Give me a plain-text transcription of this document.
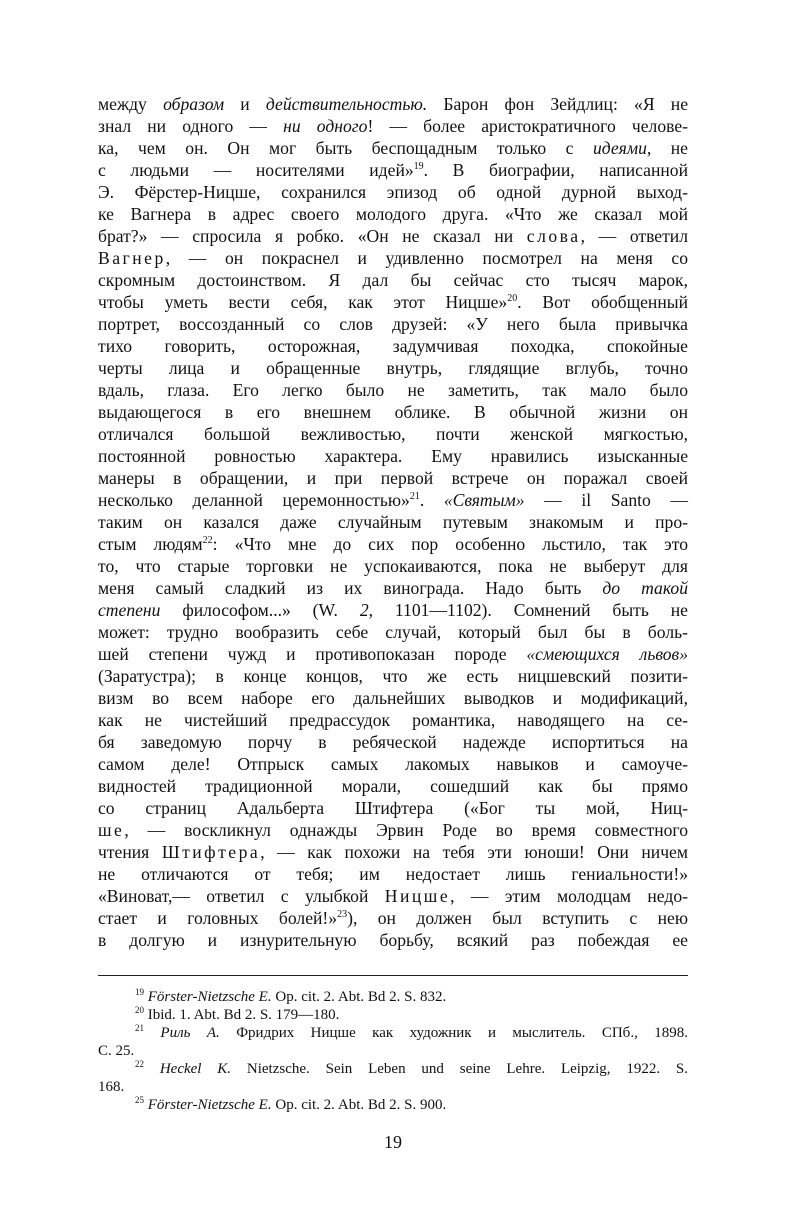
между образом и действительностью. Барон фон Зейдлиц: «Я не
знал ни одного — ни одного! — более аристократичного челове-
ка, чем он. Он мог быть беспощадным только с идеями, не
с людьми — носителями идей»$^{19}$. В биографии, написанной
Э. Фёрстер-Ницше, сохранился эпизод об одной дурной выход-
ке Вагнера в адрес своего молодого друга. «Что же сказал мой
брат?» — спросила я робко. «Он не сказал ни слова, — ответил
Вагнер, — он покраснел и удивленно посмотрел на меня со
скромным достоинством. Я дал бы сейчас сто тысяч марок,
чтобы уметь вести себя, как этот Ницше»$^{20}$. Вот обобщенный
портрет, воссозданный со слов друзей: «У него была привычка
тихо говорить, осторожная, задумчивая походка, спокойные
черты лица и обращенные внутрь, глядящие вглубь, точно
вдаль, глаза. Его легко было не заметить, так мало было
выдающегося в его внешнем облике. В обычной жизни он
отличался большой вежливостью, почти женской мягкостью,
постоянной ровностью характера. Ему нравились изысканные
манеры в обращении, и при первой встрече он поражал своей
несколько деланной церемонностью»$^{21}$. «Святым» — il Santo —
таким он казался даже случайным путевым знакомым и про-
стым людям$^{22}$: «Что мне до сих пор особенно льстило, так это
то, что старые торговки не успокаиваются, пока не выберут для
меня самый сладкий из их винограда. Надо быть до такой
степени философом...» (W. 2, 1101—1102). Сомнений быть не
может: трудно вообразить себе случай, который был бы в боль-
шей степени чужд и противопоказан породе «смеющихся львов»
(Заратустра); в конце концов, что же есть ницшевский позити-
визм во всем наборе его дальнейших выводков и модификаций,
как не чистейший предрассудок романтика, наводящего на се-
бя заведомую порчу в ребяческой надежде испортиться на
самом деле! Отпрыск самых лакомых навыков и самоуче-
видностей традиционной морали, сошедший как бы прямо
со страниц Адальберта Штифтера («Бог ты мой, Ниц-
ше, — воскликнул однажды Эрвин Роде во время совместного
чтения Штифтера, — как похожи на тебя эти юноши! Они ничем
не отличаются от тебя; им недостает лишь гениальности!»
«Виноват,— ответил с улыбкой Ницше, — этим молодцам недо-
стает и головных болей!»$^{23}$), он должен был вступить с нею
в долгую и изнурительную борьбу, всякий раз побеждая ее
$^{19}$ Förster-Nietzsche E. Op. cit. 2. Abt. Bd 2. S. 832.
$^{20}$ Ibid. 1. Abt. Bd 2. S. 179—180.
$^{21}$ Риль А. Фридрих Ницше как художник и мыслитель. СПб., 1898.
С. 25.
$^{22}$ Heckel K. Nietzsche. Sein Leben und seine Lehre. Leipzig, 1922. S.
168.
$^{25}$ Förster-Nietzsche E. Op. cit. 2. Abt. Bd 2. S. 900.
19
